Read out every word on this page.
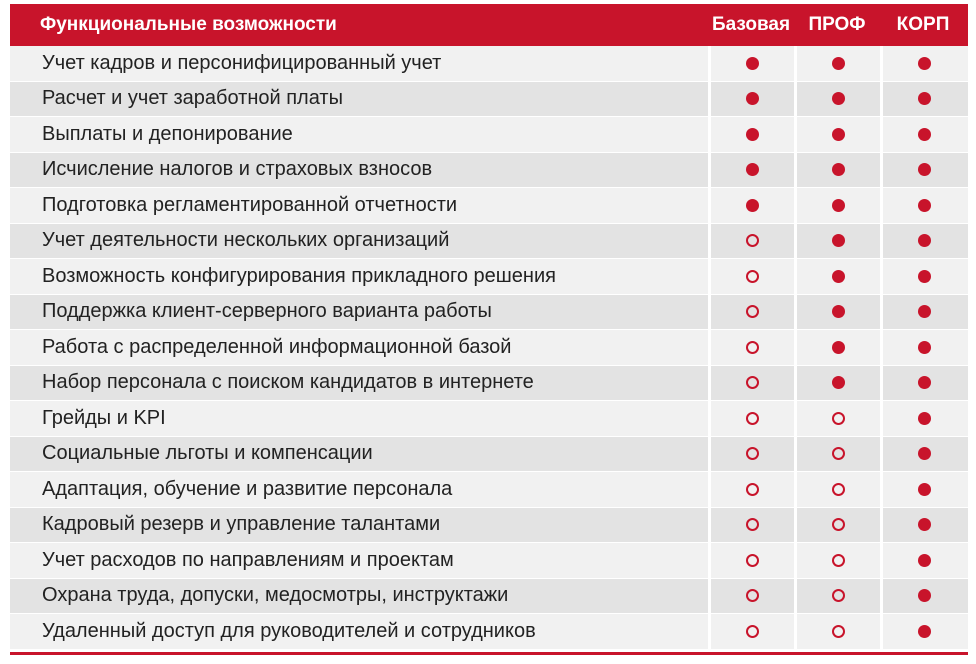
Функциональные возможности	Базовая ПРОФ	КОРП
Учет кадров и персонифицированный учет
Расчет и учет заработной платы
Выплаты и депонирование
Исчисление налогов и страховых взносов
Подготовка регламентированной отчетности
Учет деятельности нескольких организаций
Возможность конфигурирования прикладного решения
Поддержка клиент-серверного варианта работы
Работа с распределенной информационной базой
Набор персонала с поиском кандидатов в интернете
Грейды и KPI
Социальные льготы и компенсации
Адаптация, обучение и развитие персонала
Кадровый резерв и управление талантами
Учет расходов по направлениям и проектам
Охрана труда, допуски, медосмотры, инструктажи
Удаленный доступ для руководителей и сотрудников
